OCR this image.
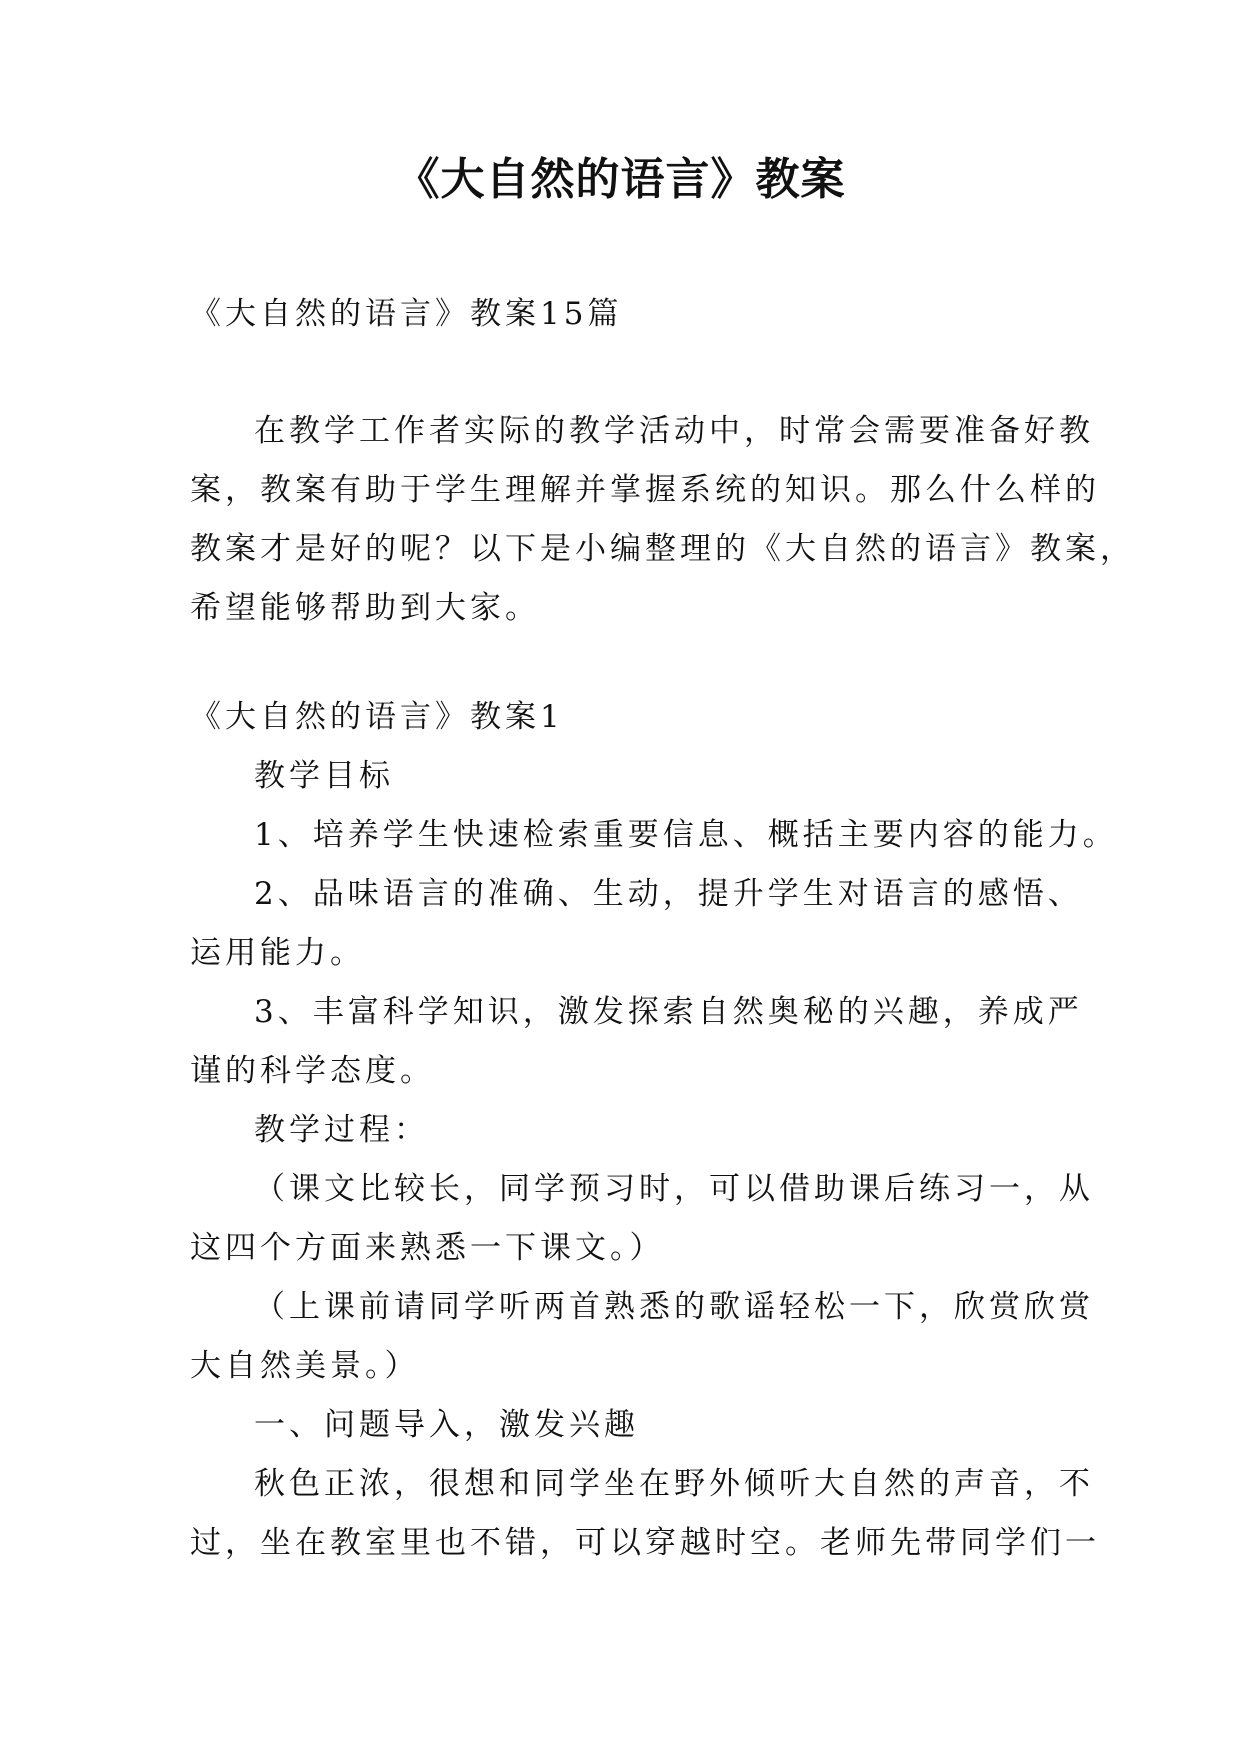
《大自然的语言》教案
《大自然的语言》教案15篇
在教学工作者实际的教学活动中，时常会需要准备好教
案，教案有助于学生理解并掌握系统的知识。那么什么样的
教案才是好的呢？以下是小编整理的《大自然的语言》教案，
希望能够帮助到大家。
《大自然的语言》教案1
教学目标
1、培养学生快速检索重要信息、概括主要内容的能力。
2、品味语言的准确、生动，提升学生对语言的感悟、
运用能力。
3、丰富科学知识，激发探索自然奥秘的兴趣，养成严
谨的科学态度。
教学过程：
（课文比较长，同学预习时，可以借助课后练习一，从
这四个方面来熟悉一下课文。）
（上课前请同学听两首熟悉的歌谣轻松一下，欣赏欣赏
大自然美景。）
一、问题导入，激发兴趣
秋色正浓，很想和同学坐在野外倾听大自然的声音，不
过，坐在教室里也不错，可以穿越时空。老师先带同学们一
